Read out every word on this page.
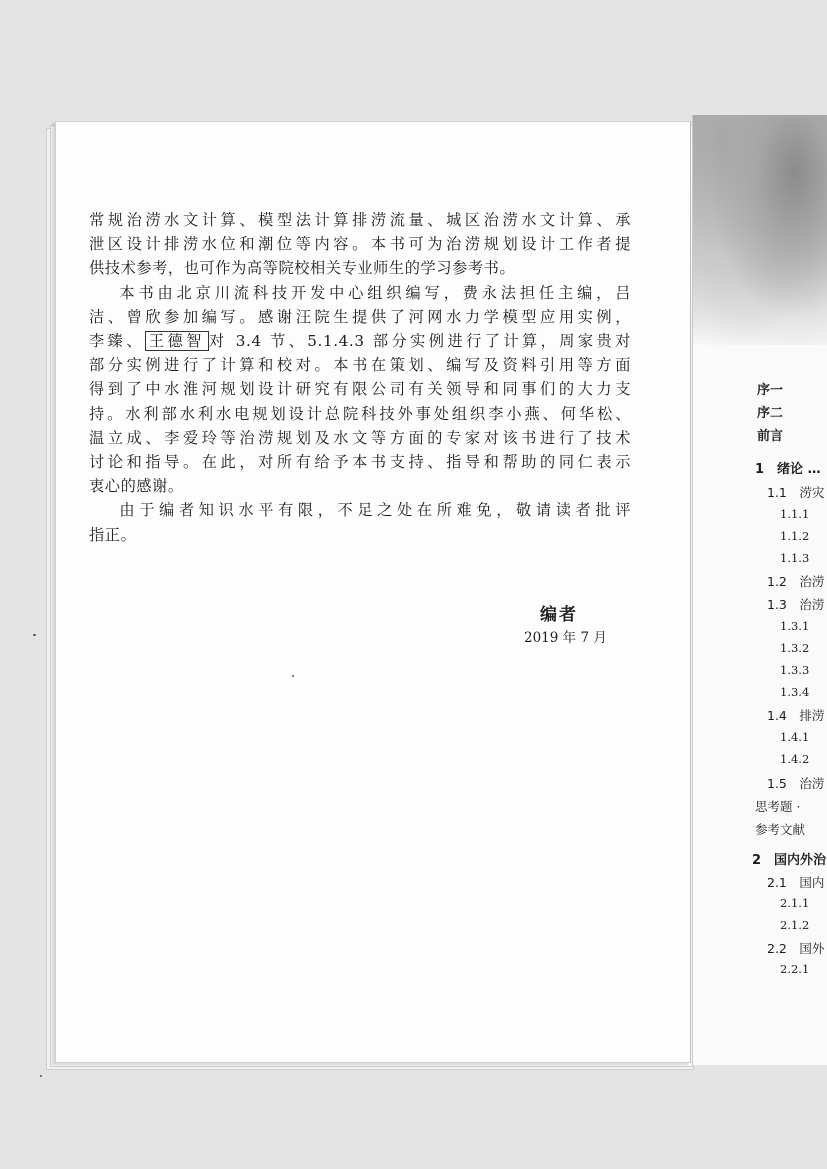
常规治涝水文计算、模型法计算排涝流量、城区治涝水文计算、承
泄区设计排涝水位和潮位等内容。本书可为治涝规划设计工作者提
供技术参考，也可作为高等院校相关专业师生的学习参考书。
本书由北京川流科技开发中心组织编写，费永法担任主编，吕
洁、曾欣参加编写。感谢汪院生提供了河网水力学模型应用实例，
李臻、 王德智 对 3.4 节、5.1.4.3 部分实例进行了计算，周家贵对
部分实例进行了计算和校对。本书在策划、编写及资料引用等方面
得到了中水淮河规划设计研究有限公司有关领导和同事们的大力支
持。水利部水利水电规划设计总院科技外事处组织李小燕、何华松、
温立成、李爱玲等治涝规划及水文等方面的专家对该书进行了技术
讨论和指导。在此，对所有给予本书支持、指导和帮助的同仁表示
衷心的感谢。
由于编者知识水平有限，不足之处在所难免，敬请读者批评
指正。
编者
2019 年 7 月
序一
序二
前言
1　绪论 …
1.1　涝灾
1.1.1
1.1.2
1.1.3
1.2　治涝
1.3　治涝
1.3.1
1.3.2
1.3.3
1.3.4
1.4　排涝
1.4.1
1.4.2
1.5　治涝
思考题 ·
参考文献
2　国内外治
2.1　国内
2.1.1
2.1.2
2.2　国外
2.2.1
